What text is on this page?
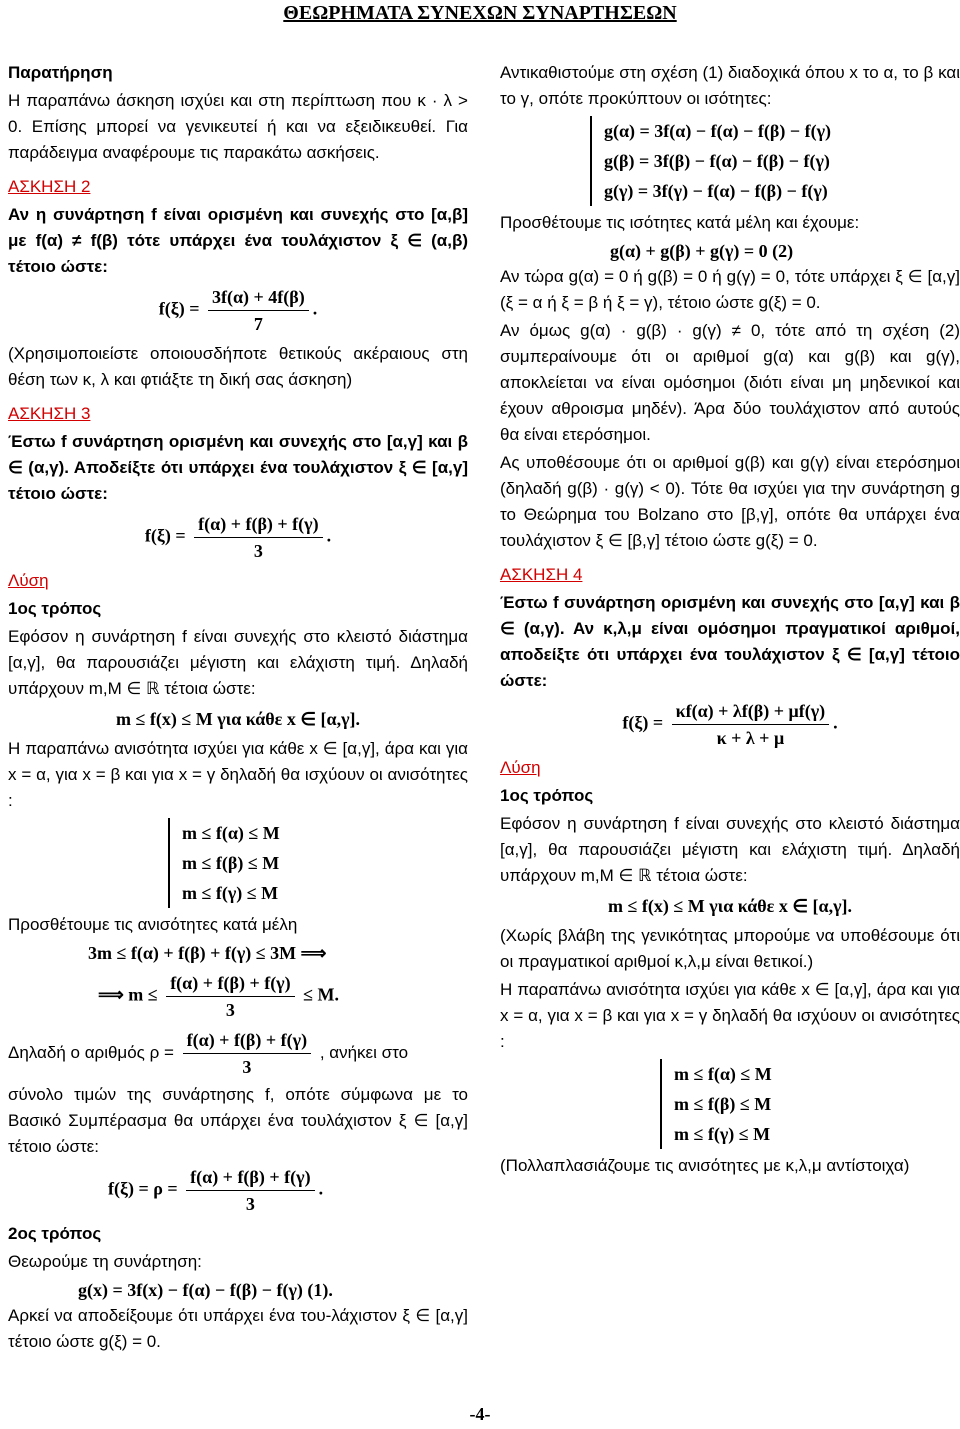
ΘΕΩΡΗΜΑΤΑ ΣΥΝΕΧΩΝ ΣΥΝΑΡΤΗΣΕΩΝ

Παρατήρηση

Η παραπάνω άσκηση ισχύει και στη περίπτωση που κ · λ > 0. Επίσης μπορεί να γενικευτεί ή και να εξειδικευθεί. Για παράδειγμα αναφέρουμε τις παρακάτω ασκήσεις.

ΑΣΚΗΣΗ 2

Αν η συνάρτηση f είναι ορισμένη και συνεχής στο [α,β] με f(α) ≠ f(β) τότε υπάρχει ένα τουλάχιστον ξ ∈ (α,β) τέτοιο ώστε:

$f(\xi) = \frac{3f(\alpha) + 4f(\beta)}{7}$ .

(Χρησιμοποιείστε οποιουσδήποτε θετικούς ακέραιους στη θέση των κ, λ και φτιάξτε τη δική σας άσκηση)

ΑΣΚΗΣΗ 3

Έστω f συνάρτηση ορισμένη και συνεχής στο [α,γ] και β ∈ (α,γ). Αποδείξτε ότι υπάρχει ένα τουλάχιστον ξ ∈ [α,γ] τέτοιο ώστε:

$f(\xi) = \frac{f(\alpha) + f(\beta) + f(\gamma)}{3}$ .

Λύση

1ος τρόπος

Εφόσον η συνάρτηση f είναι συνεχής στο κλειστό διάστημα [α,γ], θα παρουσιάζει μέγιστη και ελάχιστη τιμή. Δηλαδή υπάρχουν m,M ∈ ℝ τέτοια ώστε:

m ≤ f(x) ≤ M για κάθε x ∈ [α,γ].

Η παραπάνω ανισότητα ισχύει για κάθε x ∈ [α,γ], άρα και για x = α, για x = β και για x = γ δηλαδή θα ισχύουν οι ανισότητες :

m ≤ f(α) ≤ M
m ≤ f(β) ≤ M
m ≤ f(γ) ≤ M

Προσθέτουμε τις ανισότητες κατά μέλη

3m ≤ f(α) + f(β) + f(γ) ≤ 3M ⟹
⟹ $m \le \frac{f(\alpha) + f(\beta) + f(\gamma)}{3} \le M$.
Δηλαδή ο αριθμός $\rho = \frac{f(\alpha) + f(\beta) + f(\gamma)}{3}$ , ανήκει στο

σύνολο τιμών της συνάρτησης f, οπότε σύμφωνα με το Βασικό Συμπέρασμα θα υπάρχει ένα τουλάχιστον ξ ∈ [α,γ] τέτοιο ώστε:

$f(\xi) = \rho = \frac{f(\alpha) + f(\beta) + f(\gamma)}{3}$ .

2ος τρόπος

Θεωρούμε τη συνάρτηση:

g(x) = 3f(x) − f(α) − f(β) − f(γ) (1).

Αρκεί να αποδείξουμε ότι υπάρχει ένα του-λάχιστον ξ ∈ [α,γ] τέτοιο ώστε g(ξ) = 0.

Αντικαθιστούμε στη σχέση (1) διαδοχικά όπου x το α, το β και το γ, οπότε προκύπτουν οι ισότητες:

g(α) = 3f(α) − f(α) − f(β) − f(γ)
g(β) = 3f(β) − f(α) − f(β) − f(γ)
g(γ) = 3f(γ) − f(α) − f(β) − f(γ)

Προσθέτουμε τις ισότητες κατά μέλη και έχουμε:

g(α) + g(β) + g(γ) = 0 (2)

Αν τώρα g(α) = 0 ή g(β) = 0 ή g(γ) = 0, τότε υπάρχει ξ ∈ [α,γ] (ξ = α ή ξ = β ή ξ = γ), τέτοιο ώστε g(ξ) = 0.

Αν όμως g(α) · g(β) · g(γ) ≠ 0, τότε από τη σχέση (2) συμπεραίνουμε ότι οι αριθμοί g(α) και g(β) και g(γ), αποκλείεται να είναι ομόσημοι (διότι είναι μη μηδενικοί και έχουν αθροισμα μηδέν). Άρα δύο τουλάχιστον από αυτούς θα είναι ετερόσημοι.

Ας υποθέσουμε ότι οι αριθμοί g(β) και g(γ) είναι ετερόσημοι (δηλαδή g(β) · g(γ) < 0). Τότε θα ισχύει για την συνάρτηση g το Θεώρημα του Bolzano στο [β,γ], οπότε θα υπάρχει ένα τουλάχιστον ξ ∈ [β,γ] τέτοιο ώστε g(ξ) = 0.

ΑΣΚΗΣΗ 4

Έστω f συνάρτηση ορισμένη και συνεχής στο [α,γ] και β ∈ (α,γ). Αν κ,λ,μ είναι ομόσημοι πραγματικοί αριθμοί, αποδείξτε ότι υπάρχει ένα τουλάχιστον ξ ∈ [α,γ] τέτοιο ώστε:

$f(\xi) = \frac{\kappa f(\alpha) + \lambda f(\beta) + \mu f(\gamma)}{\kappa + \lambda + \mu}$ .

Λύση

1ος τρόπος

Εφόσον η συνάρτηση f είναι συνεχής στο κλειστό διάστημα [α,γ], θα παρουσιάζει μέγιστη και ελάχιστη τιμή. Δηλαδή υπάρχουν m,M ∈ ℝ τέτοια ώστε:

m ≤ f(x) ≤ M για κάθε x ∈ [α,γ].

(Χωρίς βλάβη της γενικότητας μπορούμε να υποθέσουμε ότι οι πραγματικοί αριθμοί κ,λ,μ είναι θετικοί.)

Η παραπάνω ανισότητα ισχύει για κάθε x ∈ [α,γ], άρα και για x = α, για x = β και για x = γ δηλαδή θα ισχύουν οι ανισότητες :

m ≤ f(α) ≤ M
m ≤ f(β) ≤ M
m ≤ f(γ) ≤ M

(Πολλαπλασιάζουμε τις ανισότητες με κ,λ,μ αντίστοιχα)

-4-
